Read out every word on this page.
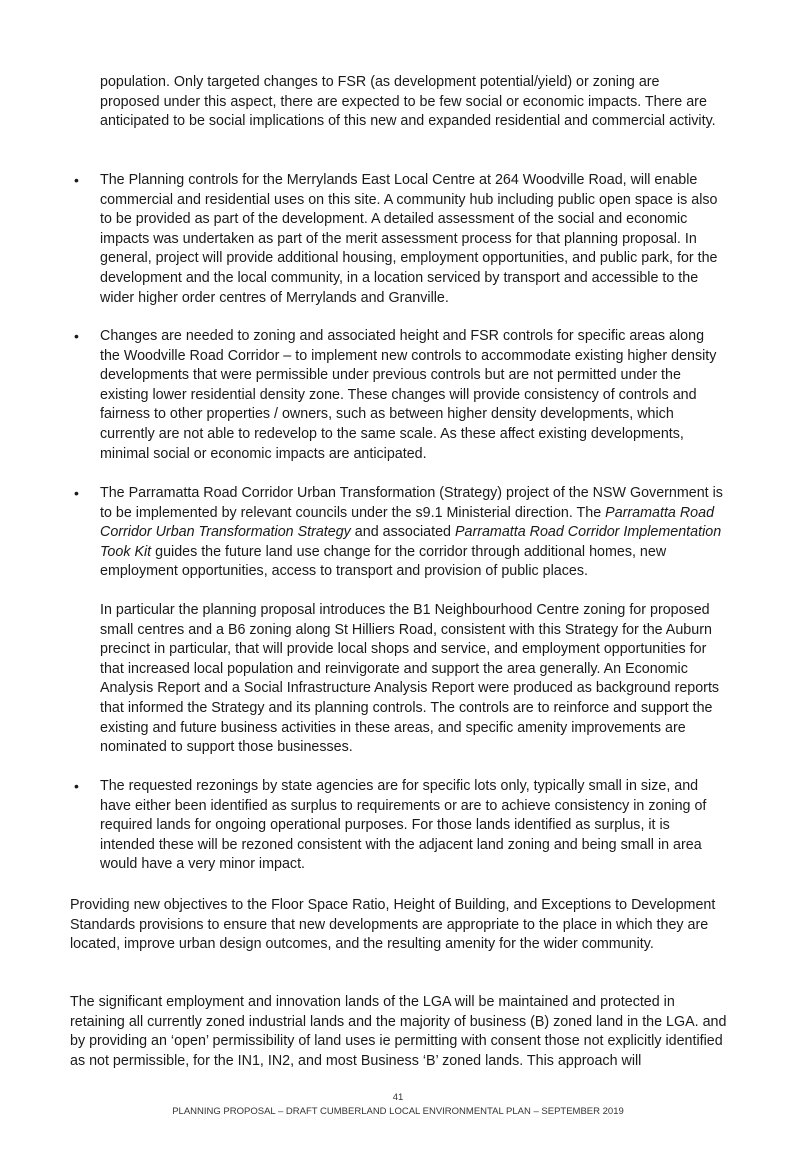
population. Only targeted changes to FSR (as development potential/yield) or zoning are proposed under this aspect, there are expected to be few social or economic impacts. There are anticipated to be social implications of this new and expanded residential and commercial activity.

•	The Planning controls for the Merrylands East Local Centre at 264 Woodville Road, will enable commercial and residential uses on this site. A community hub including public open space is also to be provided as part of the development. A detailed assessment of the social and economic impacts was undertaken as part of the merit assessment process for that planning proposal. In general, project will provide additional housing, employment opportunities, and public park, for the development and the local community, in a location serviced by transport and accessible to the wider higher order centres of Merrylands and Granville.
•	Changes are needed to zoning and associated height and FSR controls for specific areas along the Woodville Road Corridor – to implement new controls to accommodate existing higher density developments that were permissible under previous controls but are not permitted under the existing lower residential density zone. These changes will provide consistency of controls and fairness to other properties / owners, such as between higher density developments, which currently are not able to redevelop to the same scale. As these affect existing developments, minimal social or economic impacts are anticipated.
•	The Parramatta Road Corridor Urban Transformation (Strategy) project of the NSW Government is to be implemented by relevant councils under the s9.1 Ministerial direction. The Parramatta Road Corridor Urban Transformation Strategy and associated Parramatta Road Corridor Implementation Took Kit guides the future land use change for the corridor through additional homes, new employment opportunities, access to transport and provision of public places.

In particular the planning proposal introduces the B1 Neighbourhood Centre zoning for proposed small centres and a B6 zoning along St Hilliers Road, consistent with this Strategy for the Auburn precinct in particular, that will provide local shops and service, and employment opportunities for that increased local population and reinvigorate and support the area generally. An Economic Analysis Report and a Social Infrastructure Analysis Report were produced as background reports that informed the Strategy and its planning controls. The controls are to reinforce and support the existing and future business activities in these areas, and specific amenity improvements are nominated to support those businesses.

•	The requested rezonings by state agencies are for specific lots only, typically small in size, and have either been identified as surplus to requirements or are to achieve consistency in zoning of required lands for ongoing operational purposes. For those lands identified as surplus, it is intended these will be rezoned consistent with the adjacent land zoning and being small in area would have a very minor impact.

Providing new objectives to the Floor Space Ratio, Height of Building, and Exceptions to Development Standards provisions to ensure that new developments are appropriate to the place in which they are located, improve urban design outcomes, and the resulting amenity for the wider community.

The significant employment and innovation lands of the LGA will be maintained and protected in retaining all currently zoned industrial lands and the majority of business (B) zoned land in the LGA. and by providing an ‘open’ permissibility of land uses ie permitting with consent those not explicitly identified as not permissible, for the IN1, IN2, and most Business ‘B’ zoned lands. This approach will

41
PLANNING PROPOSAL – DRAFT CUMBERLAND LOCAL ENVIRONMENTAL PLAN – SEPTEMBER 2019
